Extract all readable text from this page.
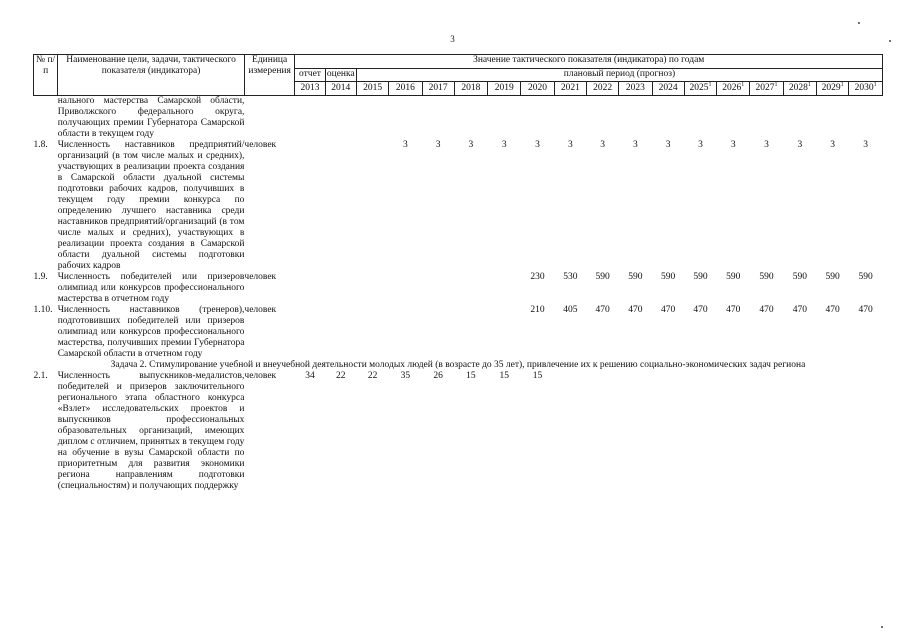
3
№ п/п	Наименование цели, задачи, тактического показателя (индикатора)	Единица измерения	Значение тактического показателя (индикатора) по годам																	
			отчет	оценка	плановый период (прогноз)															
			2013	2014	2015	2016	2017	2018	2019	2020	2021	2022	2023	2024	2025$^1$	2026$^1$	2027$^1$	2028$^1$	2029$^1$	2030$^1$
	нального мастерства Самарской области, Приволжского федерального округа, получающих премии Губернатора Самарской области в текущем году																			
1.8.	Численность наставников предприятий/организаций (в том числе малых и средних), участвующих в реализации проекта создания в Самарской области дуальной системы подготовки рабочих кадров, получивших в текущем году премии конкурса по определению лучшего наставника среди наставников предприятий/организаций (в том числе малых и средних), участвующих в реализации проекта создания в Самарской области дуальной системы подготовки рабочих кадров	человек				3	3	3	3	3	3	3	3	3	3	3	3	3	3	3
1.9.	Численность победителей или призеров олимпиад или конкурсов профессионального мастерства в отчетном году	человек								230	530	590	590	590	590	590	590	590	590	590
1.10.	Численность наставников (тренеров), подготовивших победителей или призеров олимпиад или конкурсов профессионального мастерства, получивших премии Губернатора Самарской области в отчетном году	человек								210	405	470	470	470	470	470	470	470	470	470
Задача 2. Стимулирование учебной и внеучебной деятельности молодых людей (в возрасте до 35 лет), привлечение их к решению социально-экономических задач региона																				
2.1.	Численность выпускников-медалистов, победителей и призеров заключительного регионального этапа областного конкурса «Взлет» исследовательских проектов и выпускников профессиональных образовательных организаций, имеющих диплом с отличием, принятых в текущем году на обучение в вузы Самарской области по приоритетным для развития экономики региона направлениям подготовки (специальностям) и получающих поддержку	человек	34	22	22	35	26	15	15	15										
